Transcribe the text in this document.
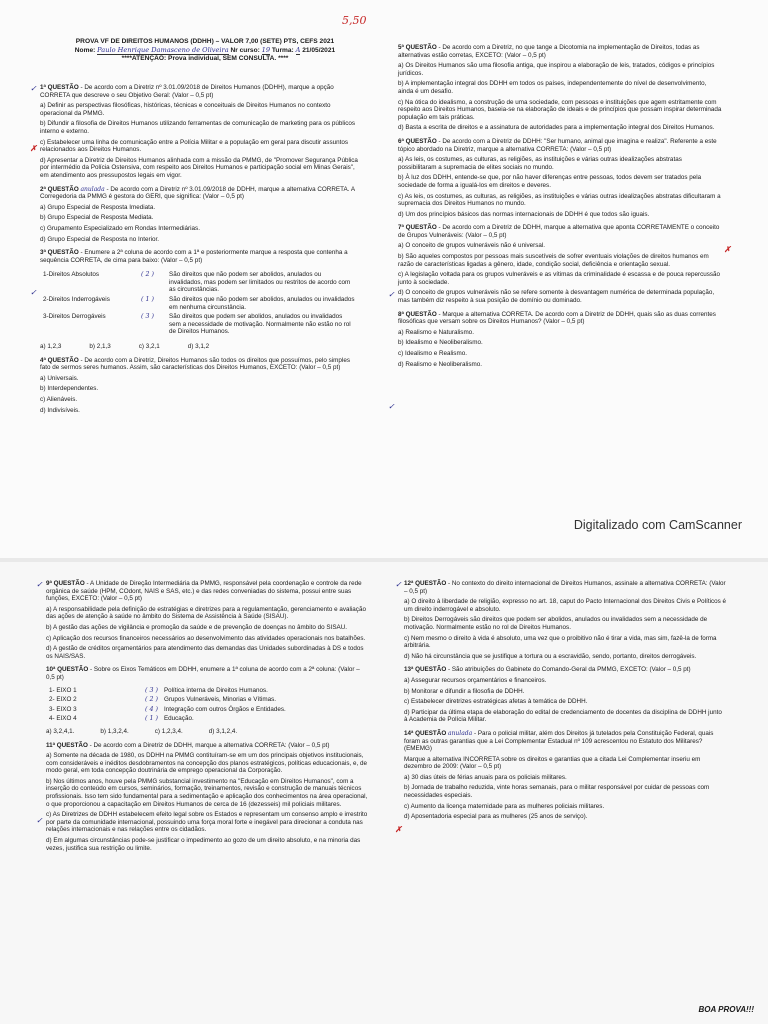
5,50
PROVA VF DE DIREITOS HUMANOS (DDHH) – VALOR 7,00 (SETE) PTS, CEFS 2021
Nome: Paulo Henrique Damasceno de Oliveira Nr curso: 19 Turma: A 21/05/2021
****ATENÇÃO: Prova individual, SEM CONSULTA. ****

1ª QUESTÃO - De acordo com a Diretriz nº 3.01.09/2018 de Direitos Humanos (DDHH), marque a opção CORRETA que descreve o seu Objetivo Geral: (Valor – 0,5 pt)

a) Definir as perspectivas filosóficas, históricas, técnicas e conceituais de Direitos Humanos no contexto operacional da PMMG.

b) Difundir a filosofia de Direitos Humanos utilizando ferramentas de comunicação de marketing para os públicos interno e externo.

c) Estabelecer uma linha de comunicação entre a Polícia Militar e a população em geral para discutir assuntos relacionados aos Direitos Humanos.

d) Apresentar a Diretriz de Direitos Humanos alinhada com a missão da PMMG, de "Promover Segurança Pública por intermédio da Polícia Ostensiva, com respeito aos Direitos Humanos e participação social em Minas Gerais", em atendimento aos pressupostos legais em vigor.

2ª QUESTÃO anulada - De acordo com a Diretriz nº 3.01.09/2018 de DDHH, marque a alternativa CORRETA. A Corregedoria da PMMG é gestora do GERI, que significa: (Valor – 0,5 pt)

a) Grupo Especial de Resposta Imediata.

b) Grupo Especial de Resposta Mediata.

c) Grupamento Especializado em Rondas Intermediárias.

d) Grupo Especial de Resposta no Interior.

3ª QUESTÃO - Enumere a 2ª coluna de acordo com a 1ª e posteriormente marque a resposta que contenha a sequência CORRETA, de cima para baixo: (Valor – 0,5 pt)

1-Direitos Absolutos	( 2 )	São direitos que não podem ser abolidos, anulados ou invalidados, mas podem ser limitados ou restritos de acordo com as circunstâncias.
2-Direitos Inderrogáveis	( 1 )	São direitos que não podem ser abolidos, anulados ou invalidados em nenhuma circunstância.
3-Direitos Derrogáveis	( 3 )	São direitos que podem ser abolidos, anulados ou invalidados sem a necessidade de motivação. Normalmente não estão no rol de Direitos Humanos.
a) 1,2,3	b) 2,1,3	c) 3,2,1	d) 3,1,2

4ª QUESTÃO - De acordo com a Diretriz, Direitos Humanos são todos os direitos que possuímos, pelo simples fato de sermos seres humanos. Assim, são características dos Direitos Humanos, EXCETO: (Valor – 0,5 pt)

a) Universais.

b) Interdependentes.

c) Alienáveis.

d) Indivisíveis.

5ª QUESTÃO - De acordo com a Diretriz, no que tange a Dicotomia na implementação de Direitos, todas as alternativas estão corretas, EXCETO: (Valor – 0,5 pt)

a) Os Direitos Humanos são uma filosofia antiga, que inspirou a elaboração de leis, tratados, códigos e princípios jurídicos.

b) A implementação integral dos DDHH em todos os países, independentemente do nível de desenvolvimento, ainda é um desafio.

c) Na ótica do idealismo, a construção de uma sociedade, com pessoas e instituições que agem estritamente com respeito aos Direitos Humanos, baseia-se na elaboração de ideais e de princípios que possam inspirar determinada população em tais práticas.

d) Basta a escrita de direitos e a assinatura de autoridades para a implementação integral dos Direitos Humanos.

6ª QUESTÃO - De acordo com a Diretriz de DDHH: "Ser humano, animal que imagina e realiza". Referente a este tópico abordado na Diretriz, marque a alternativa CORRETA: (Valor – 0,5 pt)

a) As leis, os costumes, as culturas, as religiões, as instituições e várias outras idealizações abstratas possibilitaram a supremacia de elites sociais no mundo.

b) À luz dos DDHH, entende-se que, por não haver diferenças entre pessoas, todos devem ser tratados pela sociedade de forma a igualá-los em direitos e deveres.

c) As leis, os costumes, as culturas, as religiões, as instituições e várias outras idealizações abstratas dificultaram a supremacia dos Direitos Humanos no mundo.

d) Um dos princípios básicos das normas internacionais de DDHH é que todos são iguais.

7ª QUESTÃO - De acordo com a Diretriz de DDHH, marque a alternativa que aponta CORRETAMENTE o conceito de Grupos Vulneráveis: (Valor – 0,5 pt)

a) O conceito de grupos vulneráveis não é universal.

b) São aqueles compostos por pessoas mais suscetíveis de sofrer eventuais violações de direitos humanos em razão de características ligadas a gênero, idade, condição social, deficiência e orientação sexual.

c) A legislação voltada para os grupos vulneráveis e as vítimas da criminalidade é escassa e de pouca repercussão junto à sociedade.

d) O conceito de grupos vulneráveis não se refere somente à desvantagem numérica de determinada população, mas também diz respeito à sua posição de domínio ou dominado.

8ª QUESTÃO - Marque a alternativa CORRETA. De acordo com a Diretriz de DDHH, quais são as duas correntes filosóficas que versam sobre os Direitos Humanos? (Valor – 0,5 pt)

a) Realismo e Naturalismo.

b) Idealismo e Neoliberalismo.

c) Idealismo e Realismo.

d) Realismo e Neoliberalismo.

✓
✗
✓
✗
✓
✓
Digitalizado com CamScanner

9ª QUESTÃO - A Unidade de Direção Intermediária da PMMG, responsável pela coordenação e controle da rede orgânica de saúde (HPM, COdont, NAIS e SAS, etc.) e das redes conveniadas do sistema, possui entre suas funções, EXCETO: (Valor – 0,5 pt)

a) A responsabilidade pela definição de estratégias e diretrizes para a regulamentação, gerenciamento e avaliação das ações de atenção à saúde no âmbito do Sistema de Assistência à Saúde (SISAU).

b) A gestão das ações de vigilância e promoção da saúde e de prevenção de doenças no âmbito do SISAU.

c) Aplicação dos recursos financeiros necessários ao desenvolvimento das atividades operacionais nos batalhões.

d) A gestão de créditos orçamentários para atendimento das demandas das Unidades subordinadas à DS e todos os NAIS/SAS.

10ª QUESTÃO - Sobre os Eixos Temáticos em DDHH, enumere a 1ª coluna de acordo com a 2ª coluna: (Valor – 0,5 pt)

1- EIXO 1	( 3 )	Política interna de Direitos Humanos.
2- EIXO 2	( 2 )	Grupos Vulneráveis, Minorias e Vítimas.
3- EIXO 3	( 4 )	Integração com outros Órgãos e Entidades.
4- EIXO 4	( 1 )	Educação.
a) 3,2,4,1.	b) 1,3,2,4.	c) 1,2,3,4.	d) 3,1,2,4.

11ª QUESTÃO - De acordo com a Diretriz de DDHH, marque a alternativa CORRETA: (Valor – 0,5 pt)

a) Somente na década de 1980, os DDHH na PMMG contituíram-se em um dos principais objetivos institucionais, com consideráveis e inéditos desdobramentos na concepção dos planos estratégicos, políticas educacionais, e, de modo geral, em toda concepção doutrinária de emprego operacional da Corporação.

b) Nos últimos anos, houve pela PMMG substancial investimento na "Educação em Direitos Humanos", com a inserção do conteúdo em cursos, seminários, formação, treinamentos, revisão e construção de manuais técnicos profissionais. Isso tem sido fundamental para a sedimentação e aplicação dos conhecimentos na área operacional, o que proporcionou a capacitação em Direitos Humanos de cerca de 16 (dezesseis) mil policiais militares.

c) As Diretrizes de DDHH estabelecem efeito legal sobre os Estados e representam um consenso amplo e irrestrito por parte da comunidade internacional, possuindo uma força moral forte e inegável para direcionar a conduta nas relações internacionais e nas relações entre os cidadãos.

d) Em algumas circunstâncias pode-se justificar o impedimento ao gozo de um direito absoluto, e na minoria das vezes, justifica sua restrição ou limite.

12ª QUESTÃO - No contexto do direito internacional de Direitos Humanos, assinale a alternativa CORRETA: (Valor – 0,5 pt)

a) O direito à liberdade de religião, expresso no art. 18, caput do Pacto Internacional dos Direitos Civis e Políticos é um direito inderrogável e absoluto.

b) Direitos Derrogáveis são direitos que podem ser abolidos, anulados ou invalidados sem a necessidade de motivação. Normalmente estão no rol de Direitos Humanos.

c) Nem mesmo o direito à vida é absoluto, uma vez que o proibitivo não é tirar a vida, mas sim, fazê-la de forma arbitrária.

d) Não há circunstância que se justifique a tortura ou a escravidão, sendo, portanto, direitos derrogáveis.

13ª QUESTÃO - São atribuições do Gabinete do Comando-Geral da PMMG, EXCETO: (Valor – 0,5 pt)

a) Assegurar recursos orçamentários e financeiros.

b) Monitorar e difundir a filosofia de DDHH.

c) Estabelecer diretrizes estratégicas afetas à temática de DDHH.

d) Participar da última etapa de elaboração do edital de credenciamento de docentes da disciplina de DDHH junto à Academia de Polícia Militar.

14ª QUESTÃO anulada - Para o policial militar, além dos Direitos já tutelados pela Constituição Federal, quais foram as outras garantias que a Lei Complementar Estadual nº 109 acrescentou no Estatuto dos Militares? (EMEMG)

Marque a alternativa INCORRETA sobre os direitos e garantias que a citada Lei Complementar inseriu em dezembro de 2009: (Valor – 0,5 pt)

a) 30 dias úteis de férias anuais para os policiais militares.

b) Jornada de trabalho reduzida, vinte horas semanais, para o militar responsável por cuidar de pessoas com necessidades especiais.

c) Aumento da licença maternidade para as mulheres policiais militares.

d) Aposentadoria especial para as mulheres (25 anos de serviço).

✓
✓
✗
✓
BOA PROVA!!!
